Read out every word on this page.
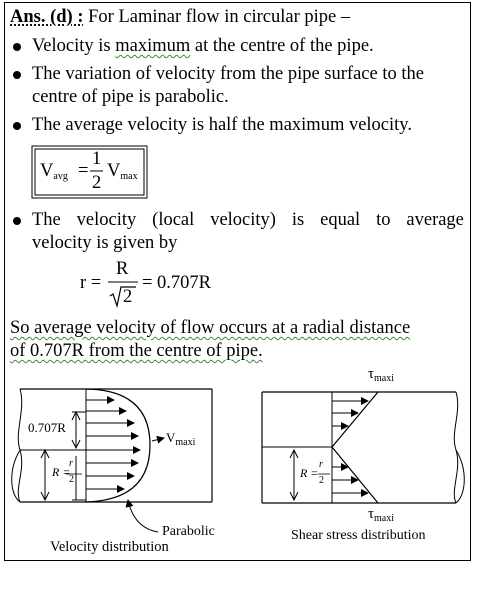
Ans. (d) : For Laminar flow in circular pipe –
Velocity is maximum at the centre of the pipe.
The variation of velocity from the pipe surface to the
centre of pipe is parabolic.
The average velocity is half the maximum velocity.
$V_{avg}$ =
1
2
$V_{max}$
The velocity (local velocity) is equal to average
velocity is given by
r =
R
2
= 0.707R
So average velocity of flow occurs at a radial distance
of 0.707R from the centre of pipe.
0.707R
$V_{maxi}$
R =
r
2
Parabolic
Velocity distribution
$\tau_{maxi}$
$\tau_{maxi}$
R =
r
2
Shear stress distribution
